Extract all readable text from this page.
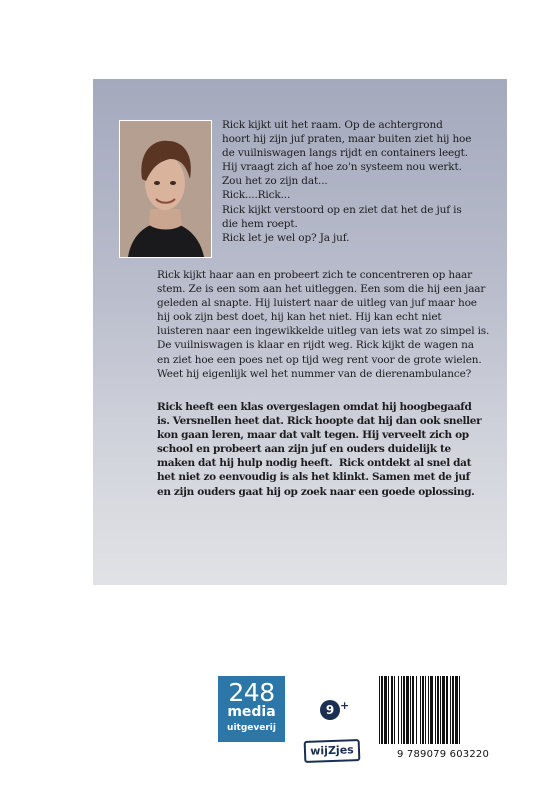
Rick kijkt uit het raam. Op de achtergrond
hoort hij zijn juf praten, maar buiten ziet hij hoe
de vuilniswagen langs rijdt en containers leegt.
Hij vraagt zich af hoe zo'n systeem nou werkt.
Zou het zo zijn dat...
Rick....Rick...
Rick kijkt verstoord op en ziet dat het de juf is
die hem roept.
Rick let je wel op? Ja juf.
Rick kijkt haar aan en probeert zich te concentreren op haar
stem. Ze is een som aan het uitleggen. Een som die hij een jaar
geleden al snapte. Hij luistert naar de uitleg van juf maar hoe
hij ook zijn best doet, hij kan het niet. Hij kan echt niet
luisteren naar een ingewikkelde uitleg van iets wat zo simpel is.
De vuilniswagen is klaar en rijdt weg. Rick kijkt de wagen na
en ziet hoe een poes net op tijd weg rent voor de grote wielen.
Weet hij eigenlijk wel het nummer van de dierenambulance?
Rick heeft een klas overgeslagen omdat hij hoogbegaafd
is. Versnellen heet dat. Rick hoopte dat hij dan ook sneller
kon gaan leren, maar dat valt tegen. Hij verveelt zich op
school en probeert aan zijn juf en ouders duidelijk te
maken dat hij hulp nodig heeft.  Rick ontdekt al snel dat
het niet zo eenvoudig is als het klinkt. Samen met de juf
en zijn ouders gaat hij op zoek naar een goede oplossing.
248
media
uitgeverij
9 +
wijZjes	9 789079 603220
